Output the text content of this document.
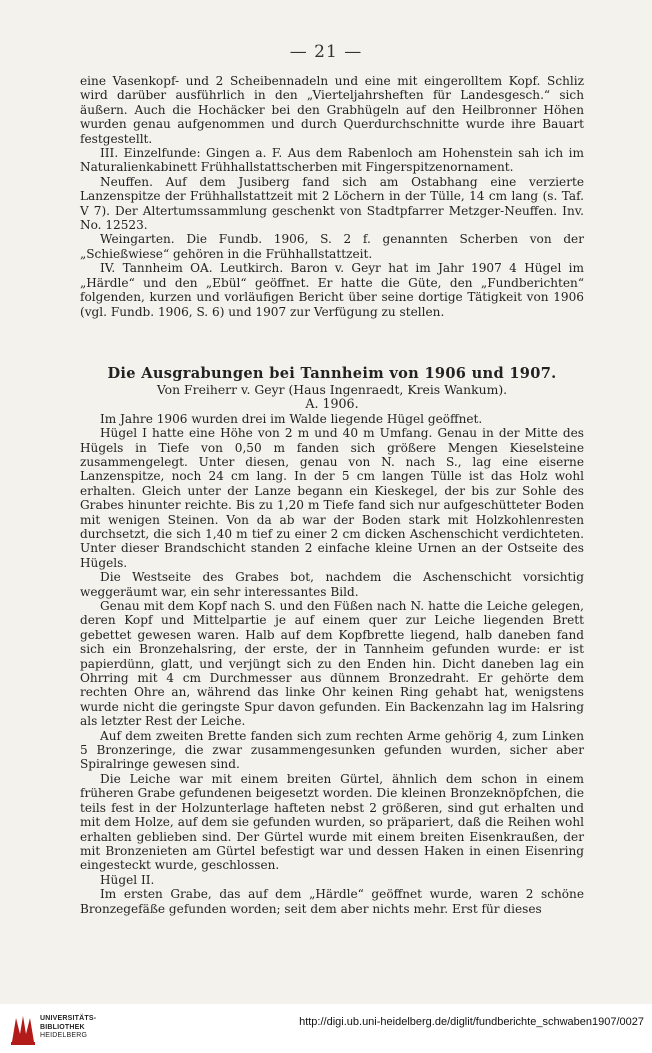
— 21 —

eine Vasenkopf- und 2 Scheibennadeln und eine mit eingerolltem Kopf. Schliz wird darüber ausführlich in den „Vierteljahrsheften für Landesgesch.“ sich äußern. Auch die Hochäcker bei den Grabhügeln auf den Heilbronner Höhen wurden genau aufgenommen und durch Querdurchschnitte wurde ihre Bauart festgestellt.

III. Einzelfunde: Gingen a. F. Aus dem Rabenloch am Hohenstein sah ich im Naturalienkabinett Frühhallstattscherben mit Fingerspitzenornament.

Neuffen. Auf dem Jusiberg fand sich am Ostabhang eine verzierte Lanzenspitze der Frühhallstattzeit mit 2 Löchern in der Tülle, 14 cm lang (s. Taf. V 7). Der Altertumssammlung geschenkt von Stadtpfarrer Metzger-Neuffen. Inv. No. 12523.

Weingarten. Die Fundb. 1906, S. 2 f. genannten Scherben von der „Schießwiese“ gehören in die Frühhallstattzeit.

IV. Tannheim OA. Leutkirch. Baron v. Geyr hat im Jahr 1907 4 Hügel im „Härdle“ und den „Ebül“ geöffnet. Er hatte die Güte, den „Fundberichten“ folgenden, kurzen und vorläufigen Bericht über seine dortige Tätigkeit von 1906 (vgl. Fundb. 1906, S. 6) und 1907 zur Verfügung zu stellen.

Die Ausgrabungen bei Tannheim von 1906 und 1907.

Von Freiherr v. Geyr (Haus Ingenraedt, Kreis Wankum).

A. 1906.

Im Jahre 1906 wurden drei im Walde liegende Hügel geöffnet.

Hügel I hatte eine Höhe von 2 m und 40 m Umfang. Genau in der Mitte des Hügels in Tiefe von 0,50 m fanden sich größere Mengen Kieselsteine zusammengelegt. Unter diesen, genau von N. nach S., lag eine eiserne Lanzenspitze, noch 24 cm lang. In der 5 cm langen Tülle ist das Holz wohl erhalten. Gleich unter der Lanze begann ein Kieskegel, der bis zur Sohle des Grabes hinunter reichte. Bis zu 1,20 m Tiefe fand sich nur aufgeschütteter Boden mit wenigen Steinen. Von da ab war der Boden stark mit Holzkohlenresten durchsetzt, die sich 1,40 m tief zu einer 2 cm dicken Aschenschicht verdichteten. Unter dieser Brandschicht standen 2 einfache kleine Urnen an der Ostseite des Hügels.

Die Westseite des Grabes bot, nachdem die Aschenschicht vorsichtig weggeräumt war, ein sehr interessantes Bild.

Genau mit dem Kopf nach S. und den Füßen nach N. hatte die Leiche gelegen, deren Kopf und Mittelpartie je auf einem quer zur Leiche liegenden Brett gebettet gewesen waren. Halb auf dem Kopfbrette liegend, halb daneben fand sich ein Bronzehalsring, der erste, der in Tannheim gefunden wurde: er ist papierdünn, glatt, und verjüngt sich zu den Enden hin. Dicht daneben lag ein Ohrring mit 4 cm Durchmesser aus dünnem Bronzedraht. Er gehörte dem rechten Ohre an, während das linke Ohr keinen Ring gehabt hat, wenigstens wurde nicht die geringste Spur davon gefunden. Ein Backenzahn lag im Halsring als letzter Rest der Leiche.

Auf dem zweiten Brette fanden sich zum rechten Arme gehörig 4, zum Linken 5 Bronzeringe, die zwar zusammengesunken gefunden wurden, sicher aber Spiralringe gewesen sind.

Die Leiche war mit einem breiten Gürtel, ähnlich dem schon in einem früheren Grabe gefundenen beigesetzt worden. Die kleinen Bronzeknöpfchen, die teils fest in der Holzunterlage hafteten nebst 2 größeren, sind gut erhalten und mit dem Holze, auf dem sie gefunden wurden, so präpariert, daß die Reihen wohl erhalten geblieben sind. Der Gürtel wurde mit einem breiten Eisenkraußen, der mit Bronzenieten am Gürtel befestigt war und dessen Haken in einen Eisenring eingesteckt wurde, geschlossen.

Hügel II.

Im ersten Grabe, das auf dem „Härdle“ geöffnet wurde, waren 2 schöne Bronzegefäße gefunden worden; seit dem aber nichts mehr. Erst für dieses

UNIVERSITÄTS-
BIBLIOTHEK
HEIDELBERG
http://digi.ub.uni-heidelberg.de/diglit/fundberichte_schwaben1907/0027
